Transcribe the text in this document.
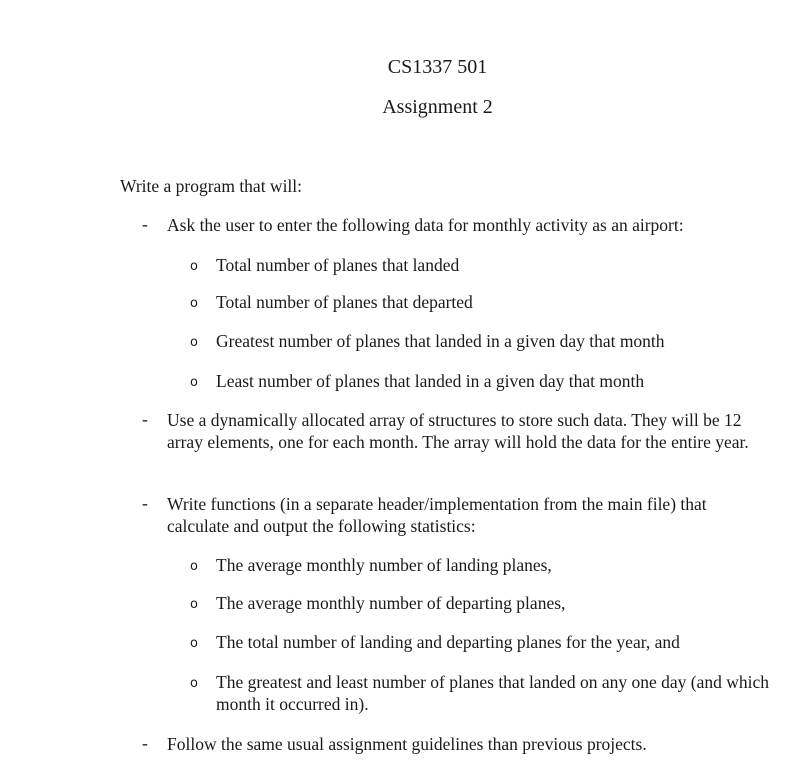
CS1337 501
Assignment 2
Write a program that will:
- Ask the user to enter the following data for monthly activity as an airport:
o	Total number of planes that landed
o	Total number of planes that departed
o	Greatest number of planes that landed in a given day that month
o	Least number of planes that landed in a given day that month
- Use a dynamically allocated array of structures to store such data. They will be 12 array elements, one for each month. The array will hold the data for the entire year.
- Write functions (in a separate header/implementation from the main file) that calculate and output the following statistics:
o	The average monthly number of landing planes,
o	The average monthly number of departing planes,
o	The total number of landing and departing planes for the year, and
o	The greatest and least number of planes that landed on any one day (and which month it occurred in).
- Follow the same usual assignment guidelines than previous projects.
